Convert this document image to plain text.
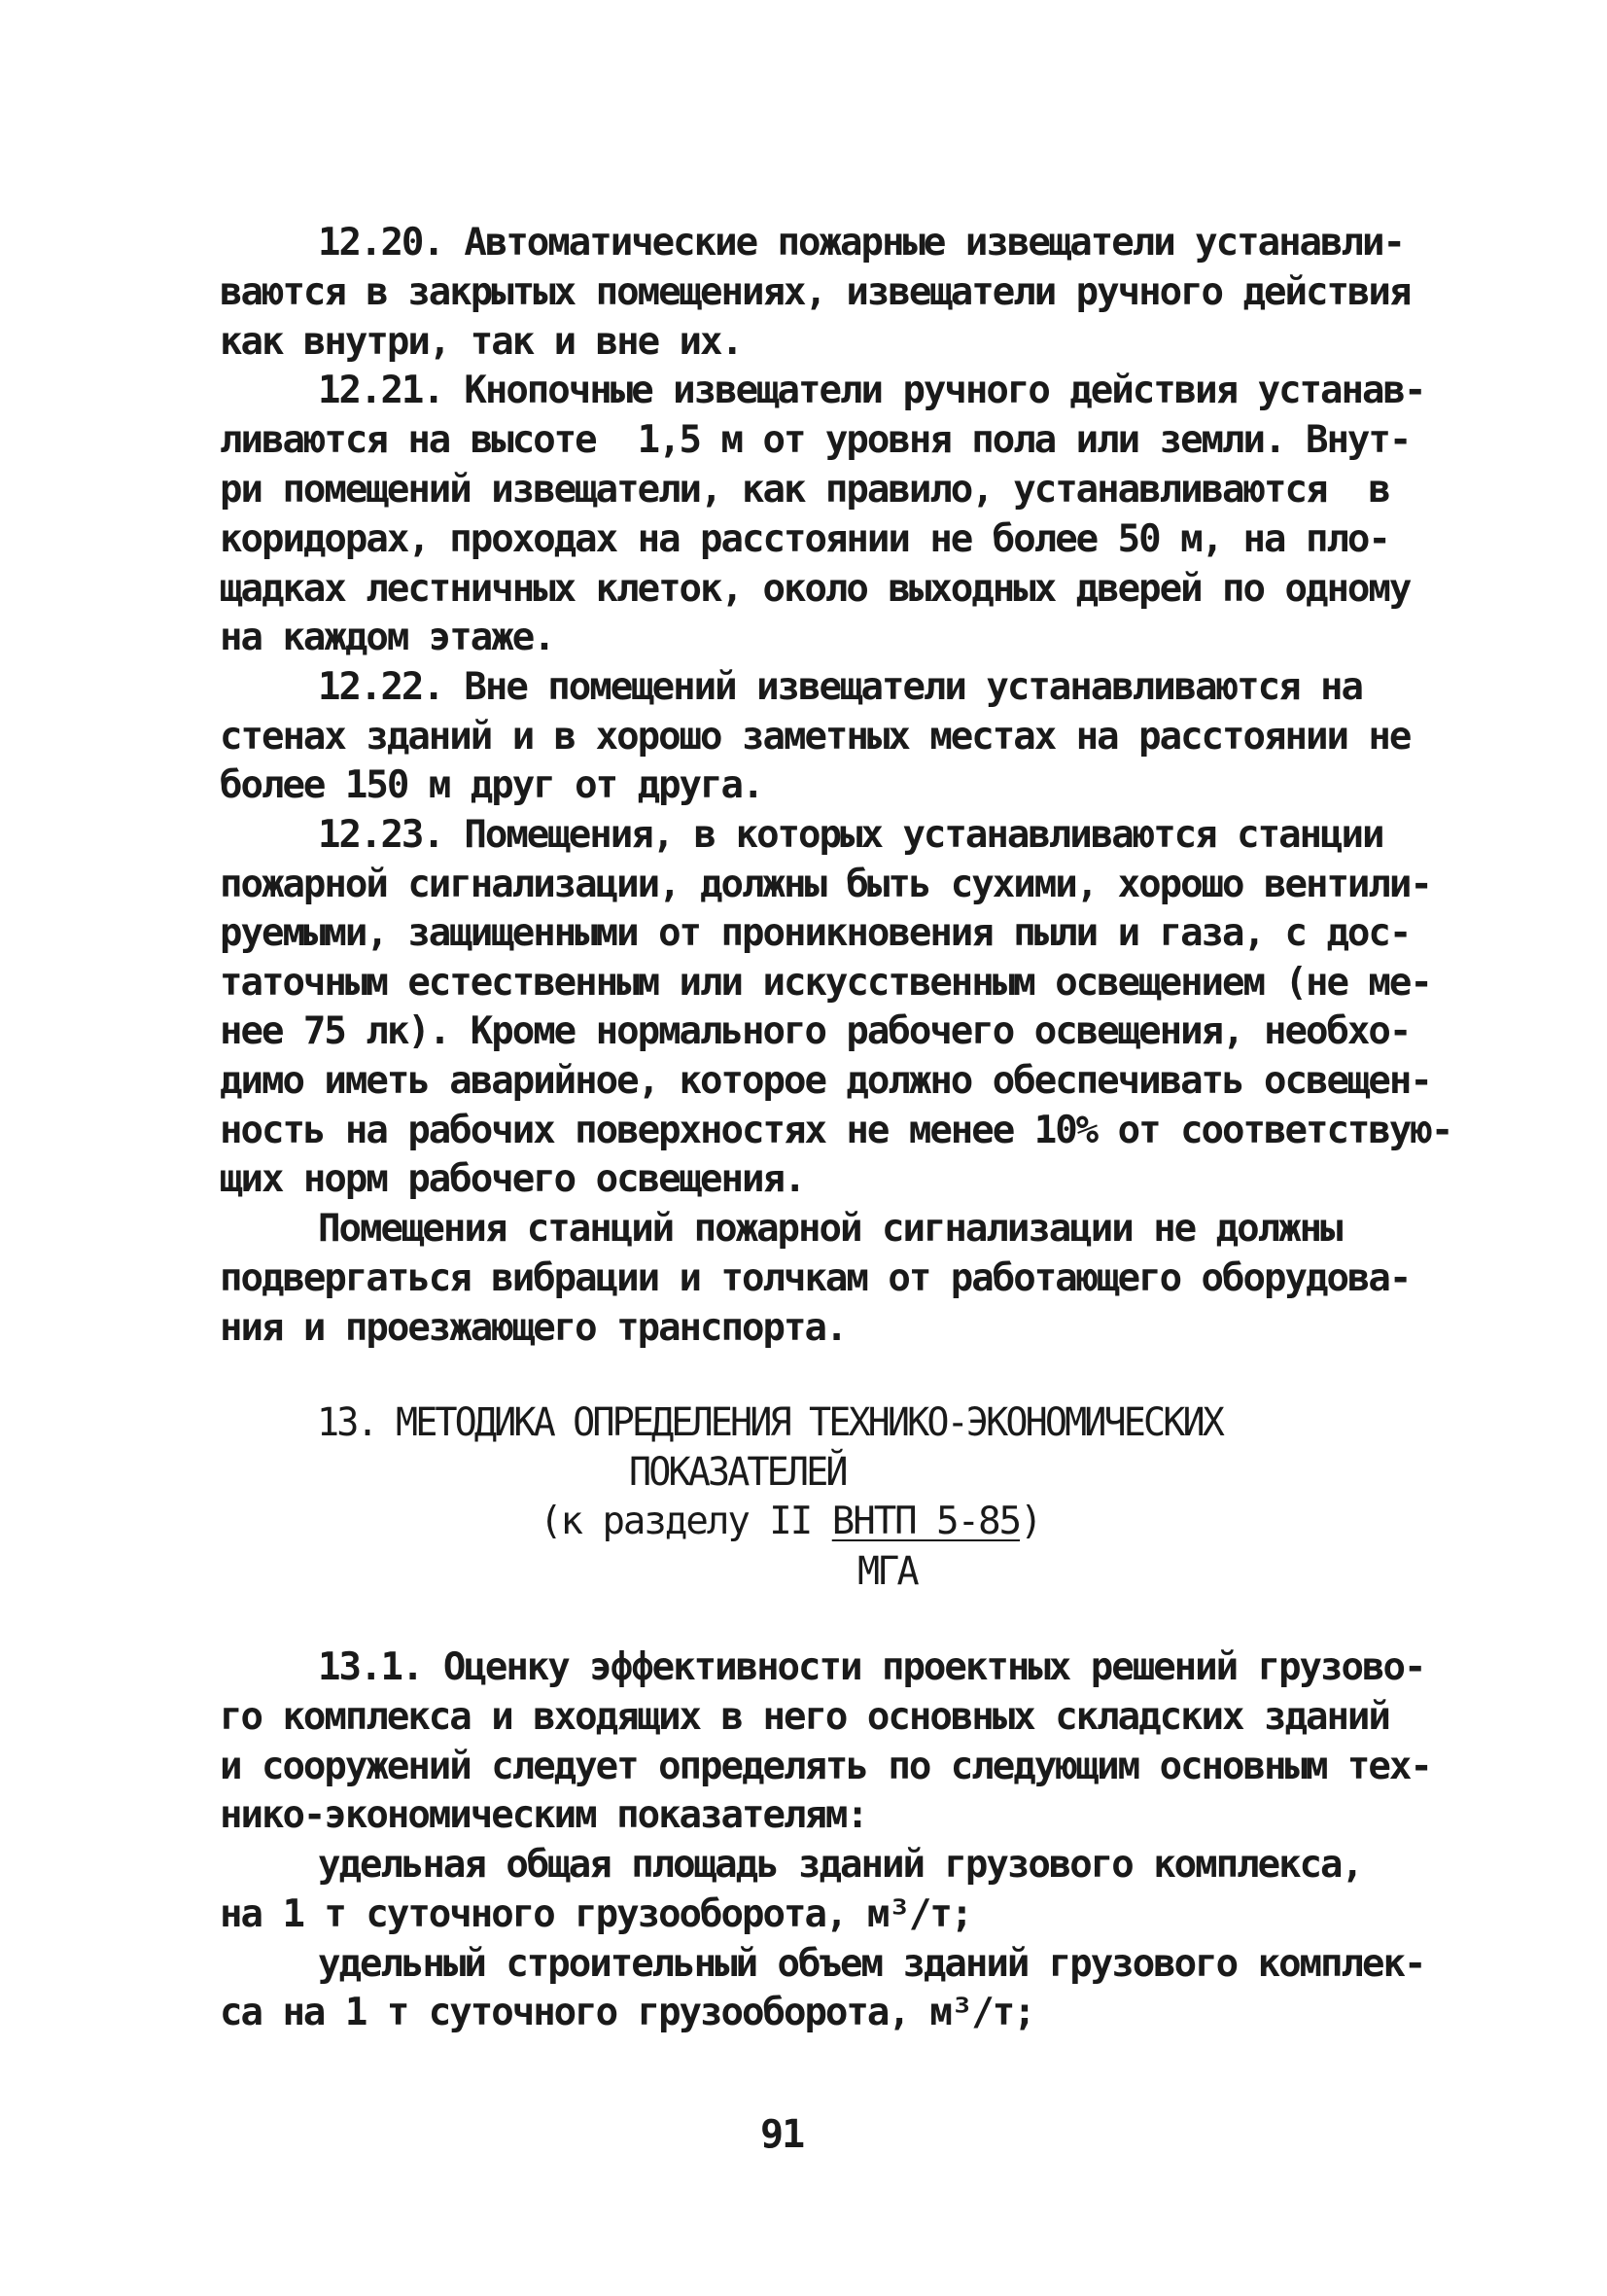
12.20. Автоматические пожарные извещатели устанавли-
ваются в закрытых помещениях, извещатели ручного действия
как внутри, так и вне их.
12.21. Кнопочные извещатели ручного действия устанав-
ливаются на высоте  1,5 м от уровня пола или земли. Внут-
ри помещений извещатели, как правило, устанавливаются  в
коридорах, проходах на расстоянии не более 50 м, на пло-
щадках лестничных клеток, около выходных дверей по одному
на каждом этаже.
12.22. Вне помещений извещатели устанавливаются на
стенах зданий и в хорошо заметных местах на расстоянии не
более 150 м друг от друга.
12.23. Помещения, в которых устанавливаются станции
пожарной сигнализации, должны быть сухими, хорошо вентили-
руемыми, защищенными от проникновения пыли и газа, с дос-
таточным естественным или искусственным освещением (не ме-
нее 75 лк). Кроме нормального рабочего освещения, необхо-
димо иметь аварийное, которое должно обеспечивать освещен-
ность на рабочих поверхностях не менее 10% от соответствую-
щих норм рабочего освещения.
Помещения станций пожарной сигнализации не должны
подвергаться вибрации и толчкам от работающего оборудова-
ния и проезжающего транспорта.
13. МЕТОДИКА ОПРЕДЕЛЕНИЯ ТЕХНИКО-ЭКОНОМИЧЕСКИХ
ПОКАЗАТЕЛЕЙ
(к разделу II ВНТП 5-85)
МГА
13.1. Оценку эффективности проектных решений грузово-
го комплекса и входящих в него основных складских зданий
и сооружений следует определять по следующим основным тех-
нико-экономическим показателям:
удельная общая площадь зданий грузового комплекса,
на 1 т суточного грузооборота, м³/т;
удельный строительный объем зданий грузового комплек-
са на 1 т суточного грузооборота, м³/т;
91
